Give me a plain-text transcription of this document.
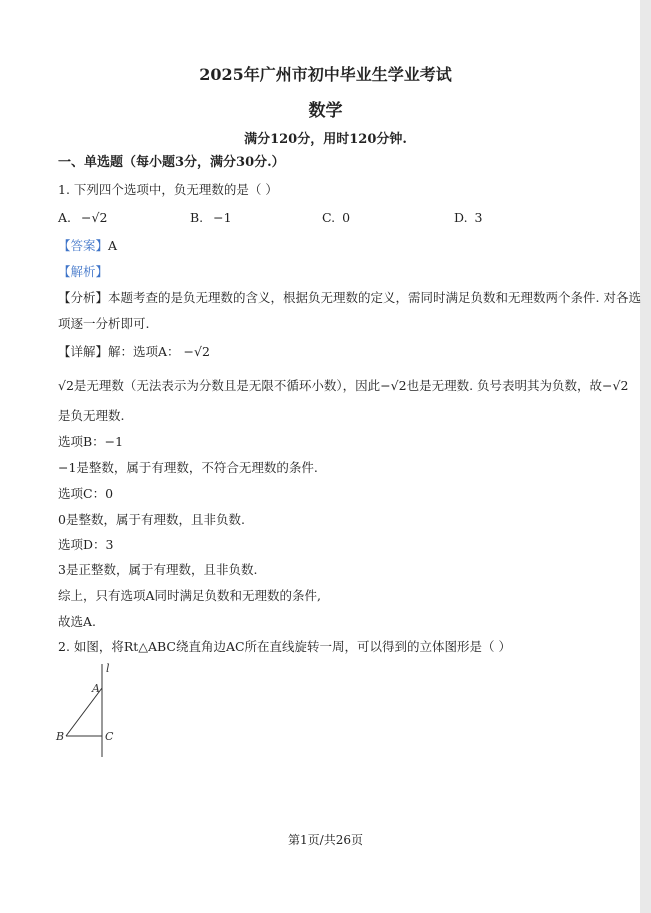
2025年广州市初中毕业生学业考试
数学
满分120分，用时120分钟.
一、单选题（每小题3分，满分30分.）
1. 下列四个选项中，负无理数的是（ ）
A. −√2	B. −1	C. 0	D. 3
【答案】A
【解析】
【分析】本题考查的是负无理数的含义，根据负无理数的定义，需同时满足负数和无理数两个条件. 对各选
项逐一分析即可.
【详解】解：选项A： −√2
√2是无理数（无法表示为分数且是无限不循环小数），因此−√2也是无理数. 负号表明其为负数，故−√2
是负无理数.
选项B：−1
−1是整数，属于有理数，不符合无理数的条件.
选项C：0
0是整数，属于有理数，且非负数.
选项D：3
3是正整数，属于有理数，且非负数.
综上，只有选项A同时满足负数和无理数的条件,
故选A.
2. 如图，将Rt△ABC绕直角边AC所在直线旋转一周，可以得到的立体图形是（ ）
l
A
B	C
第1页/共26页
